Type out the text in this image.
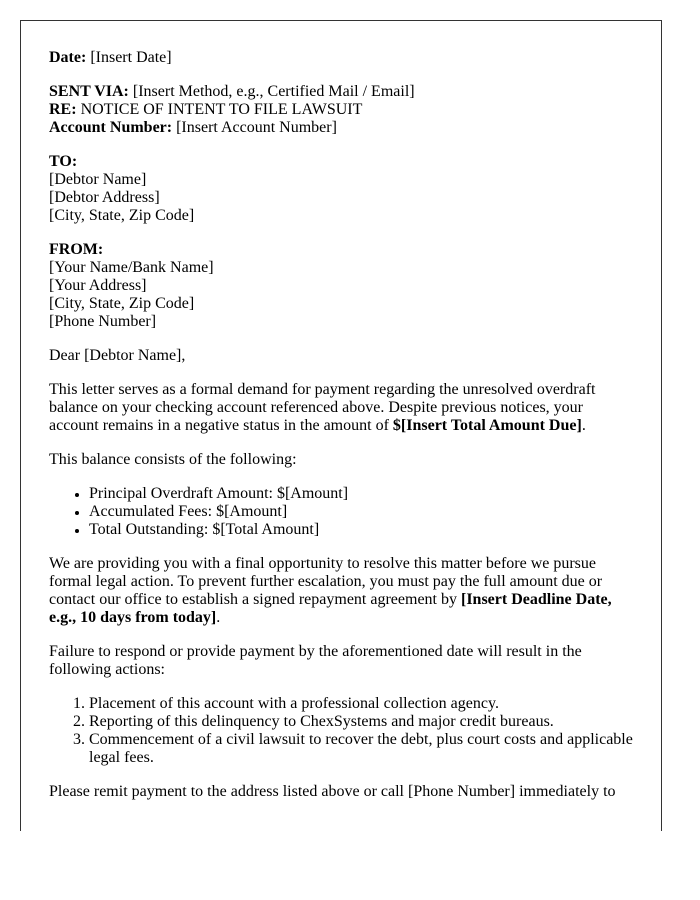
Date: [Insert Date]

SENT VIA: [Insert Method, e.g., Certified Mail / Email]
RE: NOTICE OF INTENT TO FILE LAWSUIT
Account Number: [Insert Account Number]

TO:
[Debtor Name]
[Debtor Address]
[City, State, Zip Code]

FROM:
[Your Name/Bank Name]
[Your Address]
[City, State, Zip Code]
[Phone Number]

Dear [Debtor Name],

This letter serves as a formal demand for payment regarding the unresolved overdraft balance on your checking account referenced above. Despite previous notices, your account remains in a negative status in the amount of $[Insert Total Amount Due].

This balance consists of the following:

• Principal Overdraft Amount: $[Amount]
• Accumulated Fees: $[Amount]
• Total Outstanding: $[Total Amount]

We are providing you with a final opportunity to resolve this matter before we pursue formal legal action. To prevent further escalation, you must pay the full amount due or contact our office to establish a signed repayment agreement by [Insert Deadline Date, e.g., 10 days from today].

Failure to respond or provide payment by the aforementioned date will result in the following actions:

1. Placement of this account with a professional collection agency.
2. Reporting of this delinquency to ChexSystems and major credit bureaus.
3. Commencement of a civil lawsuit to recover the debt, plus court costs and applicable legal fees.

Please remit payment to the address listed above or call [Phone Number] immediately to
